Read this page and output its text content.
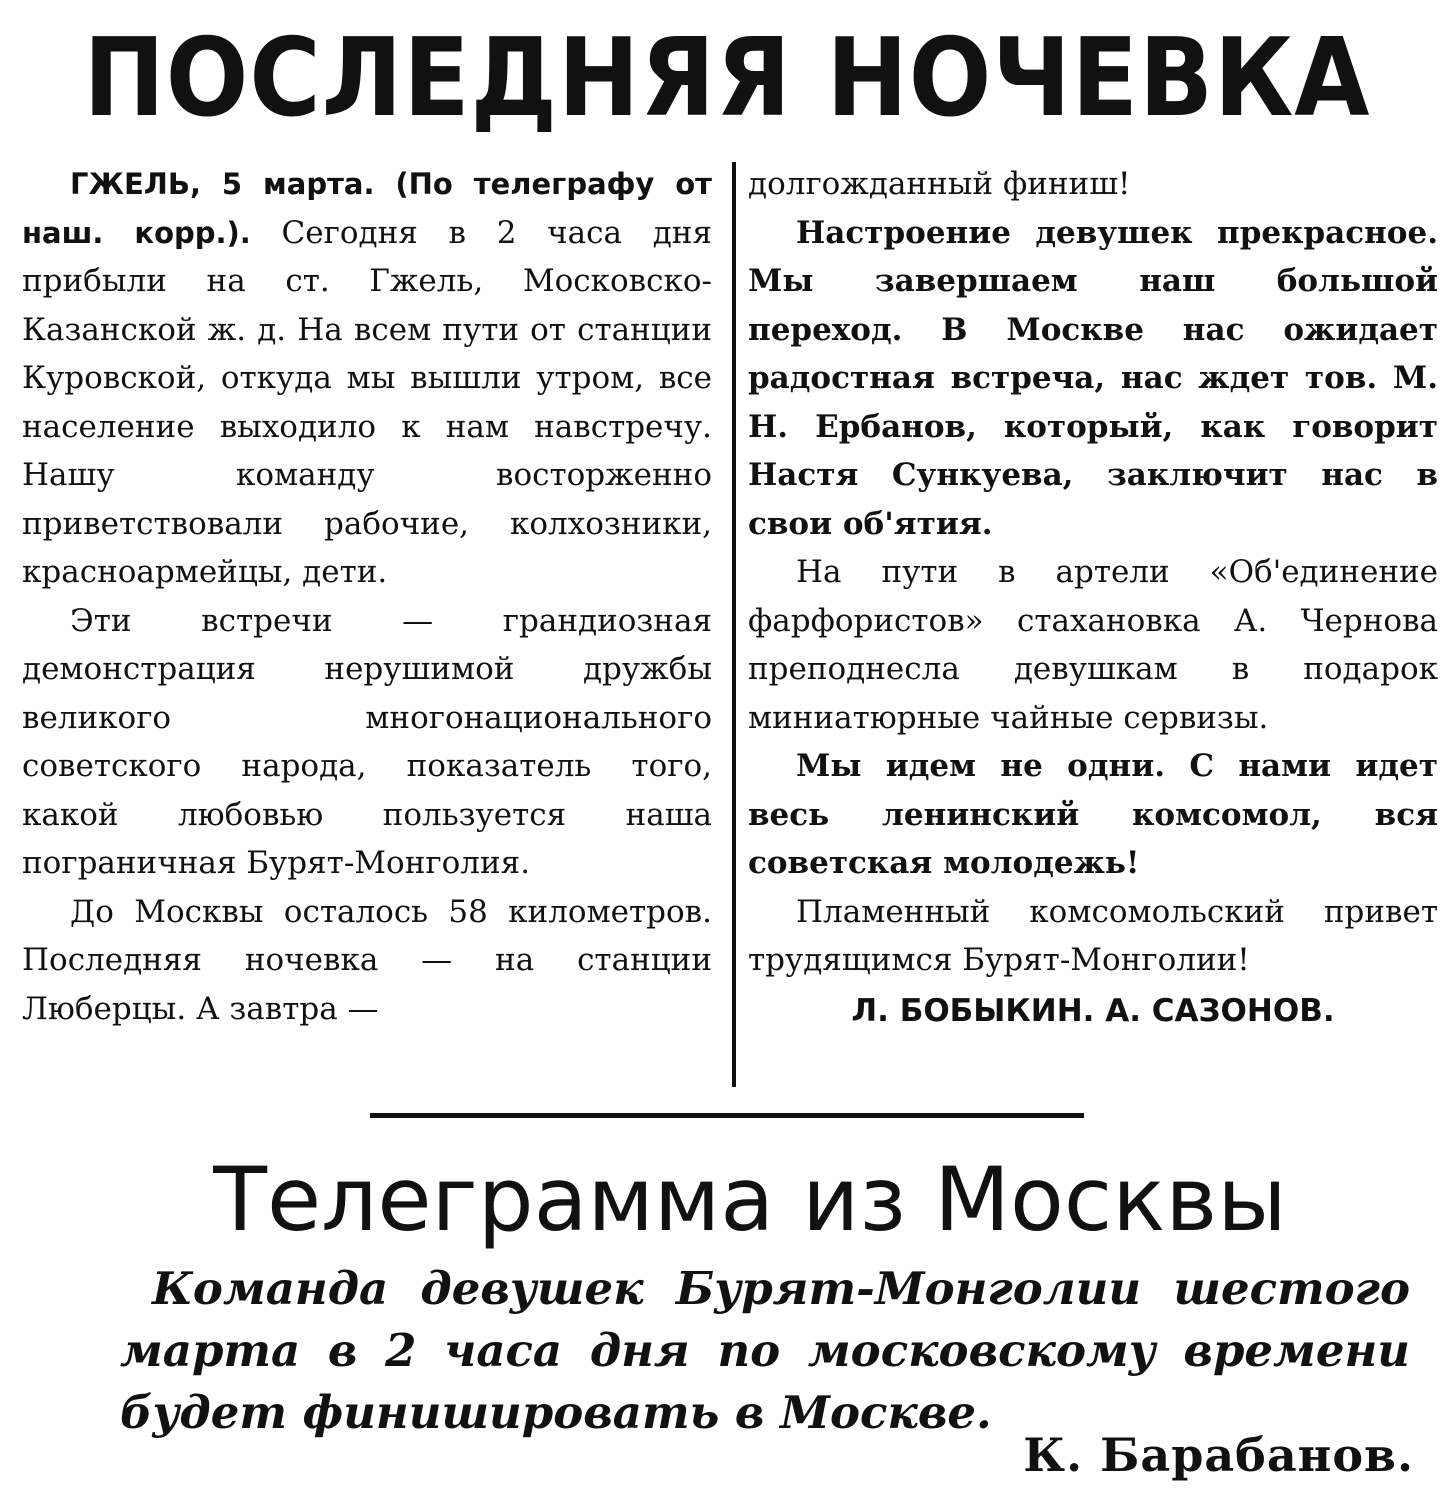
ПОСЛЕДНЯЯ НОЧЕВКА

ГЖЕЛЬ, 5 марта. (По телеграфу от наш. корр.). Сегодня в 2 часа дня прибыли на ст. Гжель, Московско-Казанской ж. д. На всем пути от станции Куровской, откуда мы вышли утром, все население выходило к нам навстречу. Нашу команду восторженно приветствовали рабочие, колхозники, красноармейцы, дети.

Эти встречи — грандиозная демонстрация нерушимой дружбы великого многонационального советского народа, показатель того, какой любовью пользуется наша пограничная Бурят-Монголия.

До Москвы осталось 58 километров. Последняя ночевка — на станции Люберцы. А завтра —

долгожданный финиш!

Настроение девушек прекрасное. Мы завершаем наш большой переход. В Москве нас ожидает радостная встреча, нас ждет тов. М. Н. Ербанов, который, как говорит Настя Сункуева, заключит нас в свои об'ятия.

На пути в артели «Об'единение фарфористов» стахановка А. Чернова преподнесла девушкам в подарок миниатюрные чайные сервизы.

Мы идем не одни. С нами идет весь ленинский комсомол, вся советская молодежь!

Пламенный комсомольский привет трудящимся Бурят-Монголии!

Л. БОБЫКИН. А. САЗОНОВ.

Телеграмма из Москвы

Команда девушек Бурят-Монголии шестого марта в 2 часа дня по московскому времени будет финишировать в Москве.

К. Барабанов.
